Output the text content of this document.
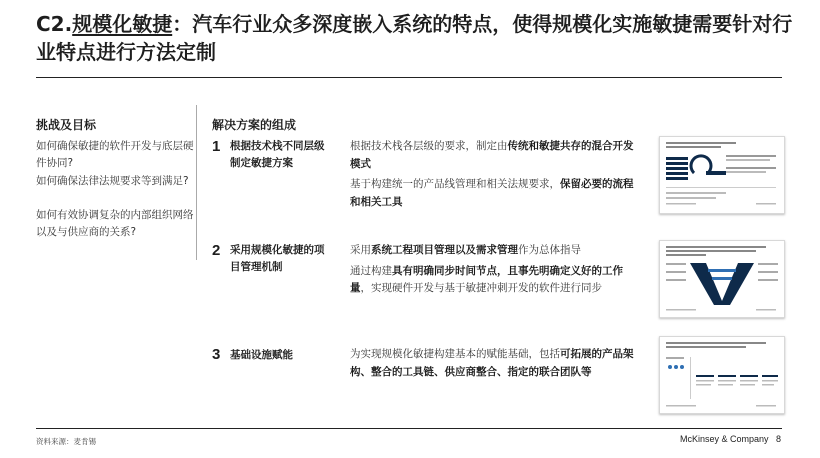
C2.规模化敏捷：汽车行业众多深度嵌入系统的特点，使得规模化实施敏捷需要针对行业特点进行方法定制
挑战及目标	解决方案的组成
如何确保敏捷的软件开发与底层硬件协同?
如何确保法律法规要求等到满足?
如何有效协调复杂的内部组织网络以及与供应商的关系?
1 根据技术栈不同层级制定敏捷方案

根据技术栈各层级的要求，制定由传统和敏捷共存的混合开发模式

基于构建统一的产品线管理和相关法规要求，保留必要的流程和相关工具

2 采用规模化敏捷的项目管理机制

采用系统工程项目管理以及需求管理作为总体指导

通过构建具有明确同步时间节点，且事先明确定义好的工作量，实现硬件开发与基于敏捷冲刺开发的软件进行同步

3 基础设施赋能	为实现规模化敏捷构建基本的赋能基础，包括可拓展的产品架构、整合的工具链、供应商整合、指定的联合团队等

资料来源：麦肯锡	McKinsey & Company 8
